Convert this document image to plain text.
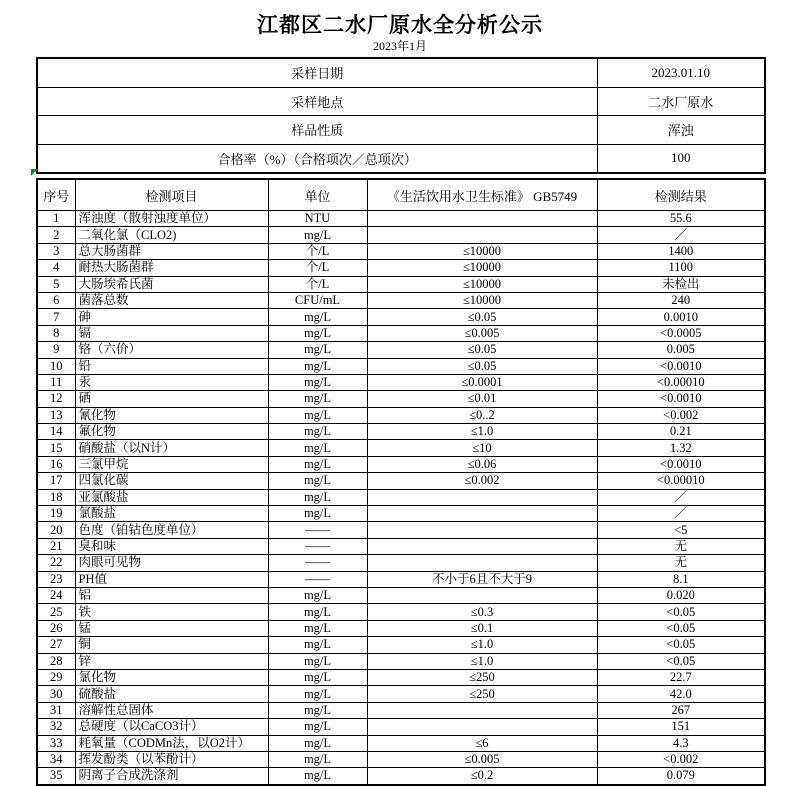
江都区二水厂原水全分析公示
2023年1月
采样日期	2023.01.10
采样地点	二水厂原水
样品性质	浑浊
合格率（%）（合格项次／总项次）	100
序号	检测项目	单位	《生活饮用水卫生标准》 GB5749	检测结果
1	浑浊度（散射浊度单位）	NTU		55.6
2	二氧化氯（CLO2)	mg/L		／
3	总大肠菌群	个/L	≤10000	1400
4	耐热大肠菌群	个/L	≤10000	1100
5	大肠埃希氏菌	个/L	≤10000	未检出
6	菌落总数	CFU/mL	≤10000	240
7	砷	mg/L	≤0.05	0.0010
8	镉	mg/L	≤0.005	<0.0005
9	铬（六价）	mg/L	≤0.05	0.005
10	铅	mg/L	≤0.05	<0.0010
11	汞	mg/L	≤0.0001	<0.00010
12	硒	mg/L	≤0.01	<0.0010
13	氰化物	mg/L	≤0..2	<0.002
14	氟化物	mg/L	≤1.0	0.21
15	硝酸盐（以N计）	mg/L	≤10	1.32
16	三氯甲烷	mg/L	≤0.06	<0.0010
17	四氯化碳	mg/L	≤0.002	<0.00010
18	亚氯酸盐	mg/L		／
19	氯酸盐	mg/L		／
20	色度（铂钴色度单位）	——		<5
21	臭和味	——		无
22	肉眼可见物	——		无
23	PH值	——	不小于6且不大于9	8.1
24	铝	mg/L		0.020
25	铁	mg/L	≤0.3	<0.05
26	锰	mg/L	≤0.1	<0.05
27	铜	mg/L	≤1.0	<0.05
28	锌	mg/L	≤1.0	<0.05
29	氯化物	mg/L	≤250	22.7
30	硫酸盐	mg/L	≤250	42.0
31	溶解性总固体	mg/L		267
32	总硬度（以CaCO3计）	mg/L		151
33	耗氧量（CODMn法，以O2计）	mg/L	≤6	4.3
34	挥发酚类（以苯酚计）	mg/L	≤0.005	<0.002
35	阴离子合成洗涤剂	mg/L	≤0.2	0.079
